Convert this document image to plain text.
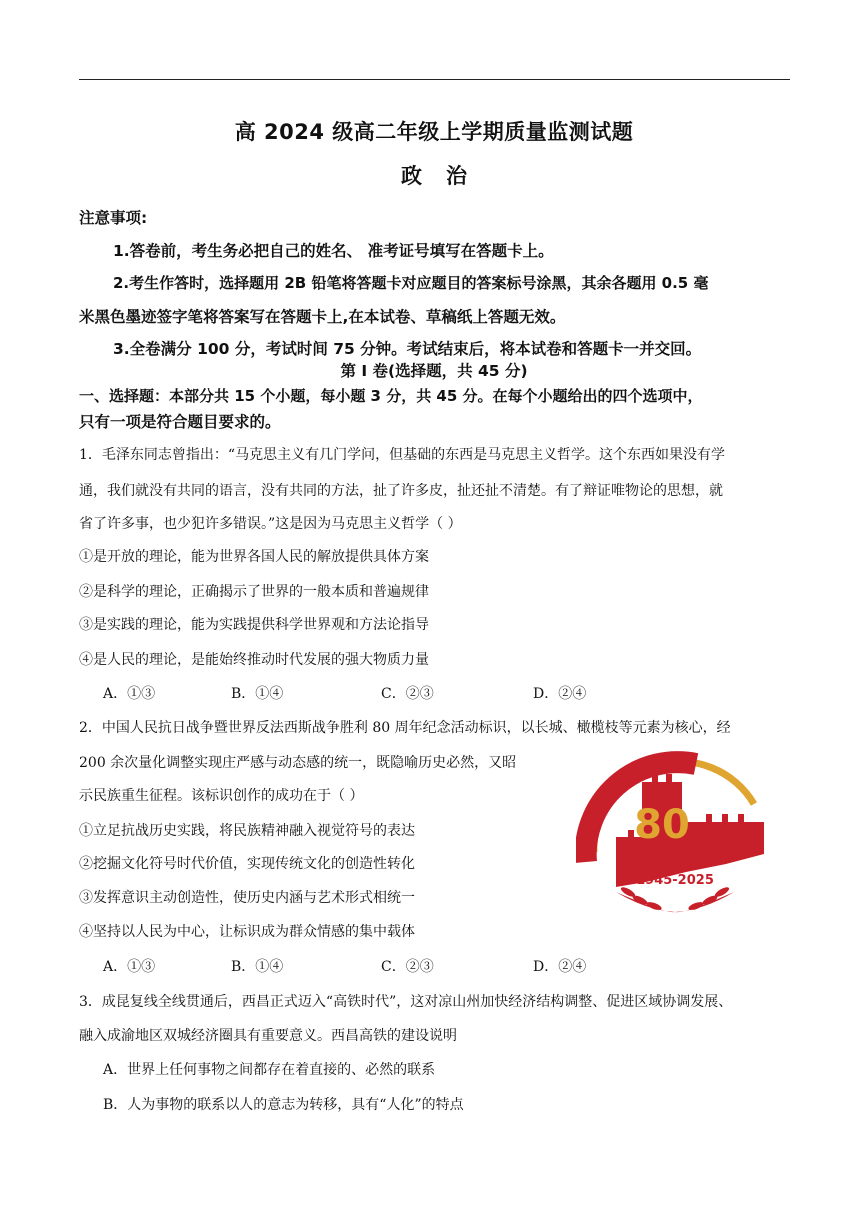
高 2024 级高二年级上学期质量监测试题
政治
注意事项:
1.答卷前，考生务必把自己的姓名、 准考证号填写在答题卡上。
2.考生作答时，选择题用 2B 铅笔将答题卡对应题目的答案标号涂黑，其余各题用 0.5 毫
米黑色墨迹签字笔将答案写在答题卡上,在本试卷、草稿纸上答题无效。
3.全卷满分 100 分，考试时间 75 分钟。考试结束后，将本试卷和答题卡一并交回。
第 I 卷(选择题，共 45 分)
一、选择题：本部分共 15 个小题，每小题 3 分，共 45 分。在每个小题给出的四个选项中，
只有一项是符合题目要求的。
1．毛泽东同志曾指出：“马克思主义有几门学问，但基础的东西是马克思主义哲学。这个东西如果没有学
通，我们就没有共同的语言，没有共同的方法，扯了许多皮，扯还扯不清楚。有了辩证唯物论的思想，就
省了许多事，也少犯许多错误。”这是因为马克思主义哲学（ ）
①是开放的理论，能为世界各国人民的解放提供具体方案
②是科学的理论，正确揭示了世界的一般本质和普遍规律
③是实践的理论，能为实践提供科学世界观和方法论指导
④是人民的理论，是能始终推动时代发展的强大物质力量
A．①③	B．①④	C．②③	D．②④
2．中国人民抗日战争暨世界反法西斯战争胜利 80 周年纪念活动标识，以长城、橄榄枝等元素为核心，经
200 余次量化调整实现庄严感与动态感的统一，既隐喻历史必然，又昭
示民族重生征程。该标识创作的成功在于（ ）
①立足抗战历史实践，将民族精神融入视觉符号的表达
②挖掘文化符号时代价值，实现传统文化的创造性转化
③发挥意识主动创造性，使历史内涵与艺术形式相统一
④坚持以人民为中心，让标识成为群众情感的集中载体
A．①③	B．①④	C．②③	D．②④
80
1945-2025
3．成昆复线全线贯通后，西昌正式迈入“高铁时代”，这对凉山州加快经济结构调整、促进区域协调发展、
融入成渝地区双城经济圈具有重要意义。西昌高铁的建设说明
A．世界上任何事物之间都存在着直接的、必然的联系
B．人为事物的联系以人的意志为转移，具有“人化”的特点
